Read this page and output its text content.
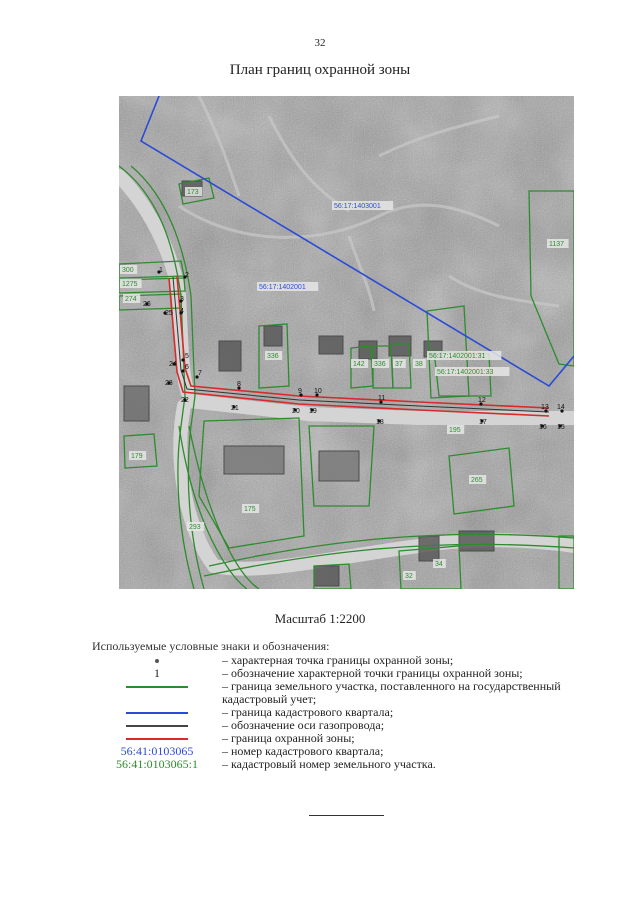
32
План границ охранной зоны
56:17:1403001
56:17:1402001
173
1137
300
1275
274
336
142 336 37 38
56:17:1402001:31
56:17:1402001:33
195
179
175
265
293
32
34
1
2
3
4
5
6
7
8
9 10
11	12
13 14
15
16
17
18
19
20
21
22
23
24
25
26
Масштаб 1:2200
Используемые условные знаки и обозначения:
– характерная точка границы охранной зоны;
1	– обозначение характерной точки границы охранной зоны;
– граница земельного участка, поставленного на государственный кадастровый учет;
– граница кадастрового квартала;
– обозначение оси газопровода;
– граница охранной зоны;
56:41:0103065 – номер кадастрового квартала;
56:41:0103065:1 – кадастровый номер земельного участка.
